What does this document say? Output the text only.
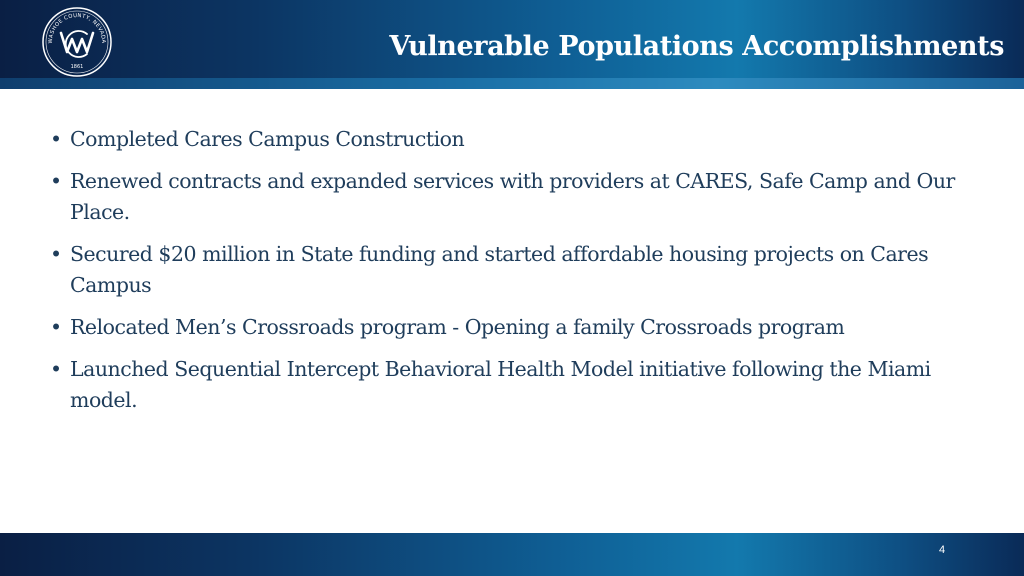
WASHOE COUNTY, NEVADA
1861
Vulnerable Populations Accomplishments
• Completed Cares Campus Construction
• Renewed contracts and expanded services with providers at CARES, Safe Camp and Our Place.
• Secured $20 million in State funding and started affordable housing projects on Cares Campus
• Relocated Men’s Crossroads program - Opening a family Crossroads program
• Launched Sequential Intercept Behavioral Health Model initiative following the Miami model.
4
